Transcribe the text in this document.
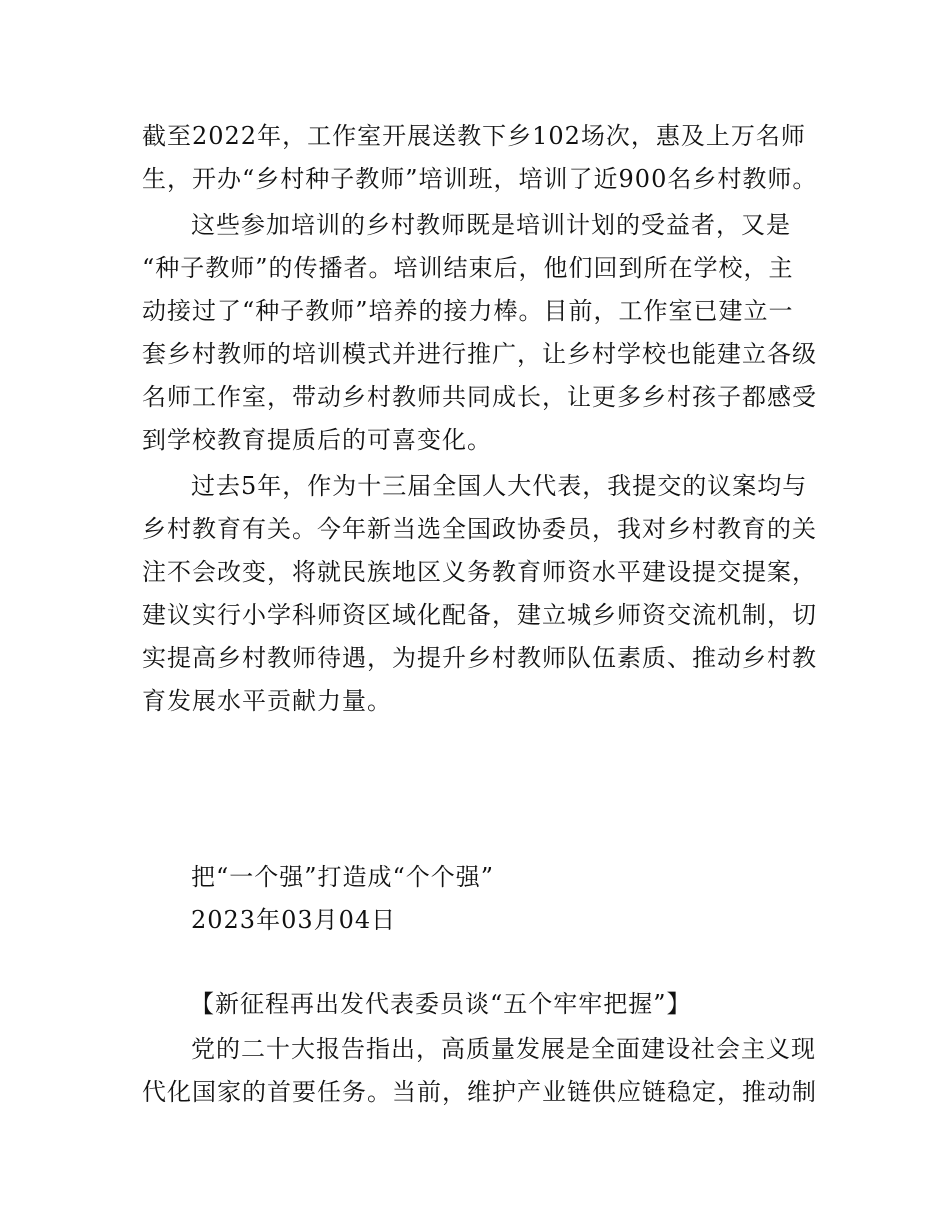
截至2022年，工作室开展送教下乡102场次，惠及上万名师
生，开办“乡村种子教师”培训班，培训了近900名乡村教师。
这些参加培训的乡村教师既是培训计划的受益者，又是
“种子教师”的传播者。培训结束后，他们回到所在学校，主
动接过了“种子教师”培养的接力棒。目前，工作室已建立一
套乡村教师的培训模式并进行推广，让乡村学校也能建立各级
名师工作室，带动乡村教师共同成长，让更多乡村孩子都感受
到学校教育提质后的可喜变化。
过去5年，作为十三届全国人大代表，我提交的议案均与
乡村教育有关。今年新当选全国政协委员，我对乡村教育的关
注不会改变，将就民族地区义务教育师资水平建设提交提案，
建议实行小学科师资区域化配备，建立城乡师资交流机制，切
实提高乡村教师待遇，为提升乡村教师队伍素质、推动乡村教
育发展水平贡献力量。
把“一个强”打造成“个个强”
2023年03月04日
【新征程再出发代表委员谈“五个牢牢把握”】
党的二十大报告指出，高质量发展是全面建设社会主义现
代化国家的首要任务。当前，维护产业链供应链稳定，推动制
